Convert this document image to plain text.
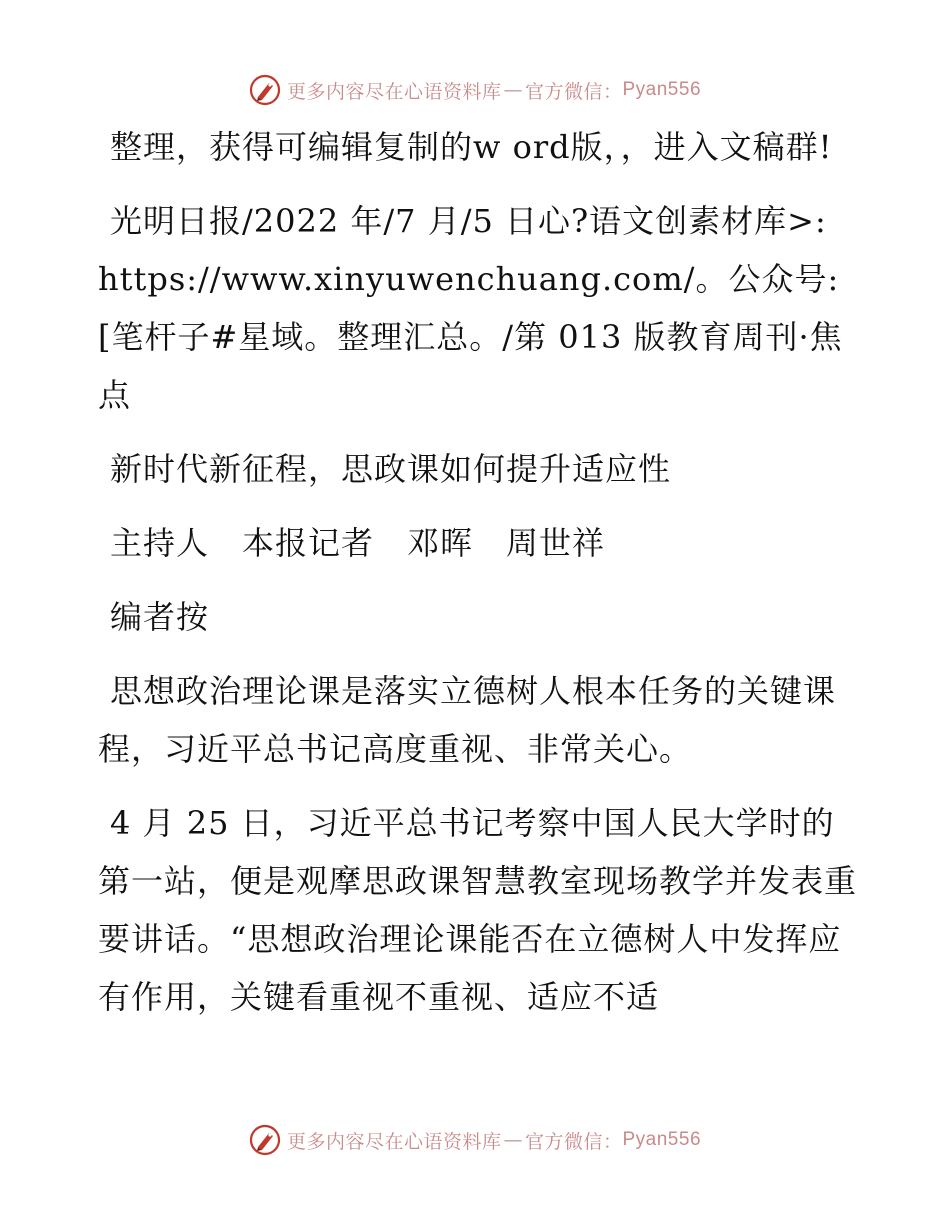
更多内容尽在心语资料库 — 官方微信： Pyan556

整理，获得可编辑复制的w ord版，，进入文稿群!

光明日报/2022 年/7 月/5 日心?语文创素材库>: https://www.xinyuwenchuang.com/。公众号:[笔杆子#星域。整理汇总。/第 013 版教育周刊·焦点

新时代新征程，思政课如何提升适应性

主持人　本报记者　邓晖　周世祥

编者按

思想政治理论课是落实立德树人根本任务的关键课程，习近平总书记高度重视、非常关心。

4 月 25 日，习近平总书记考察中国人民大学时的第一站，便是观摩思政课智慧教室现场教学并发表重要讲话。“思想政治理论课能否在立德树人中发挥应有作用，关键看重视不重视、适应不适

更多内容尽在心语资料库 — 官方微信： Pyan556
